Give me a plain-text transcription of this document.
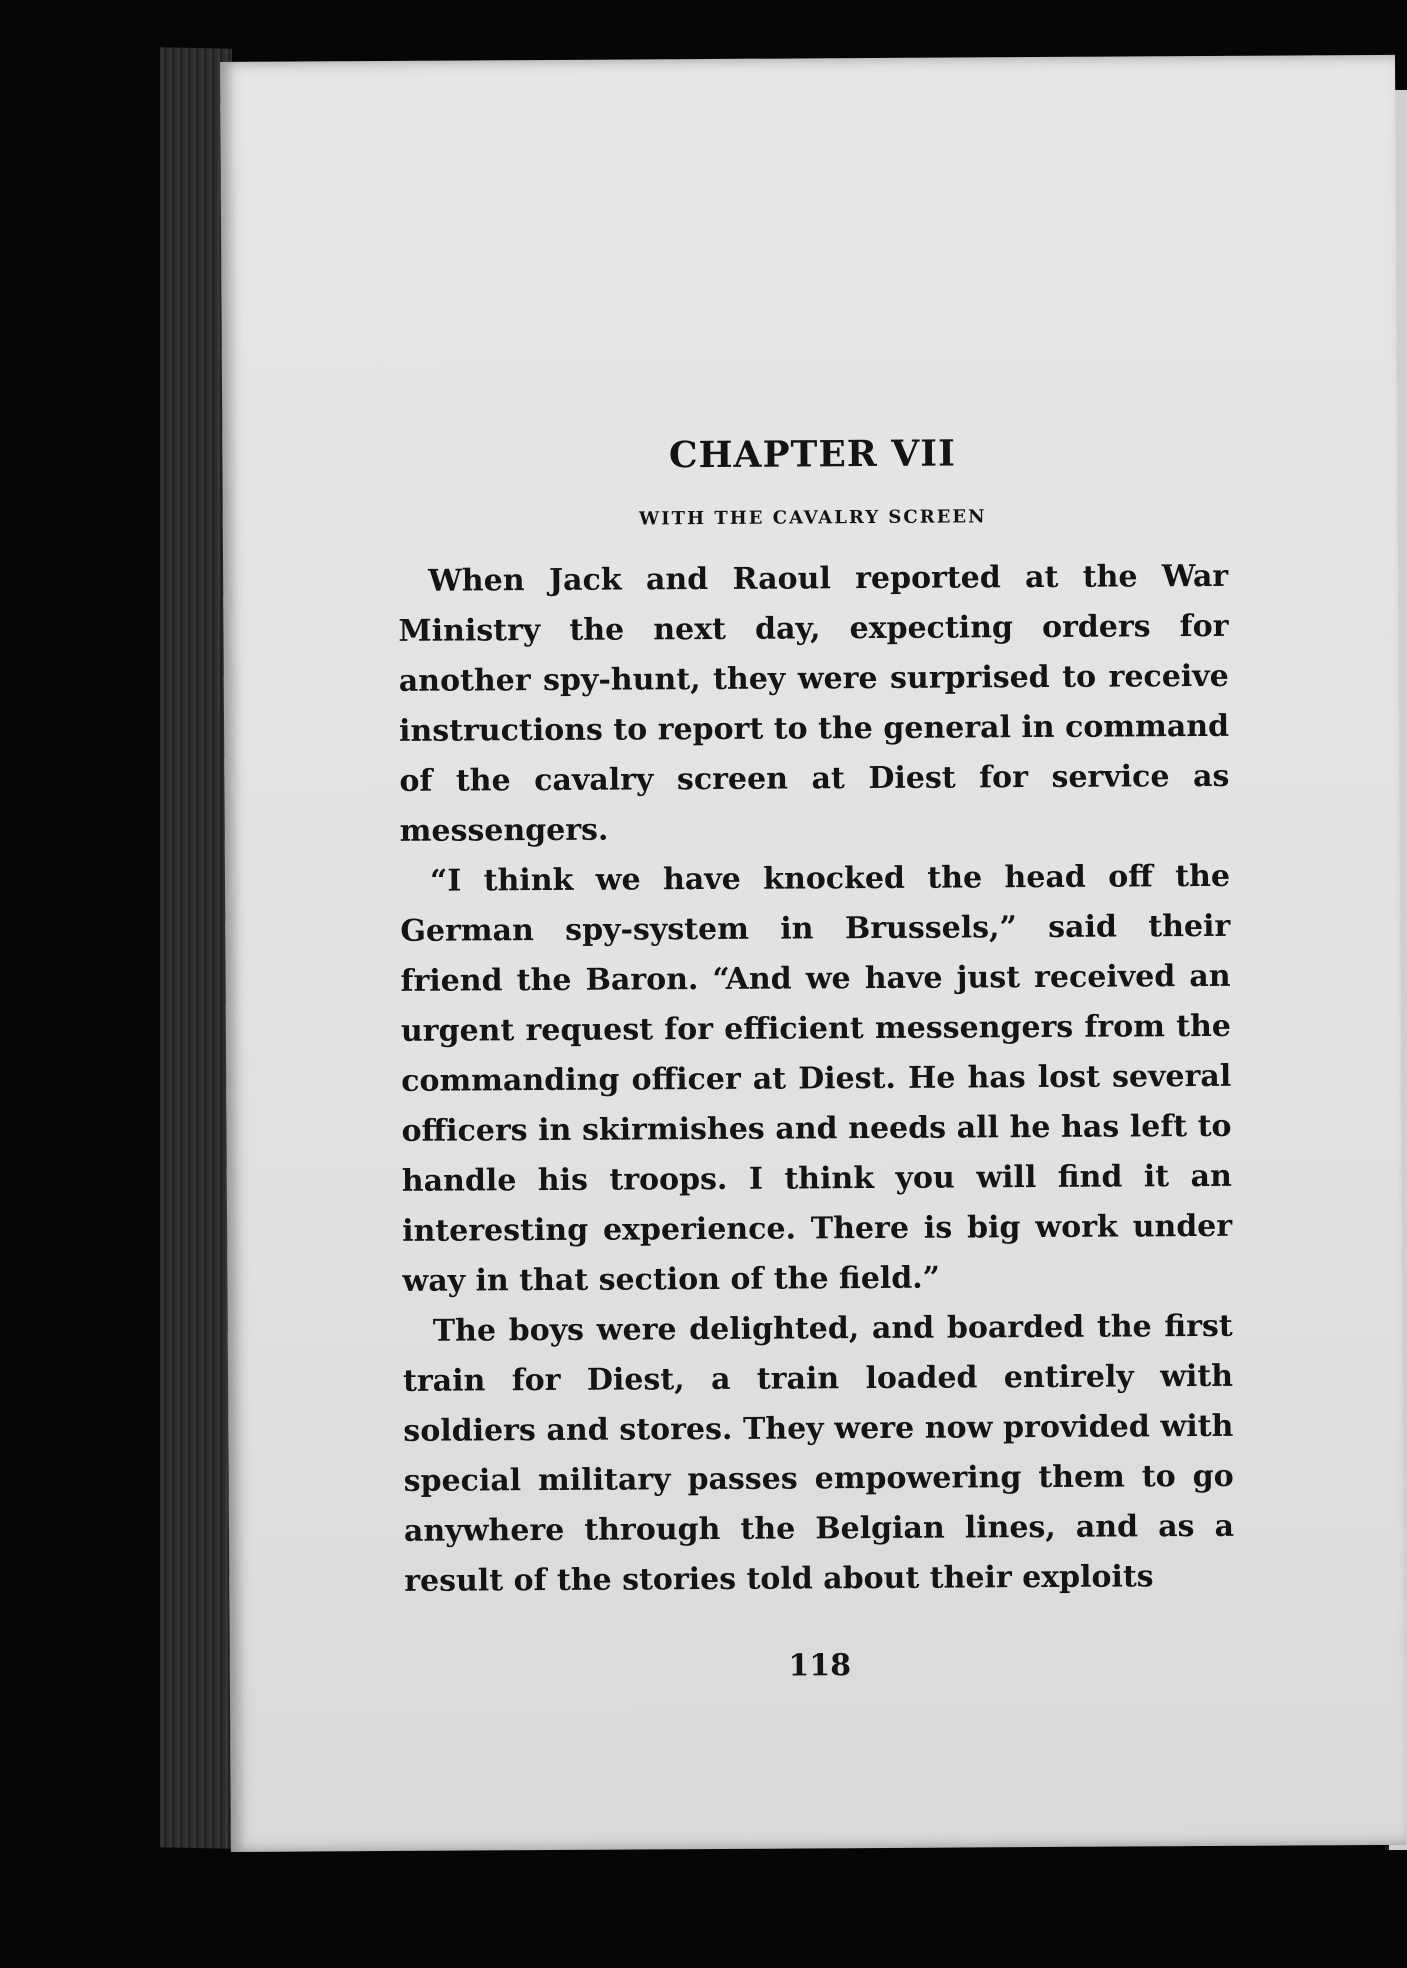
CHAPTER VII
WITH THE CAVALRY SCREEN

When Jack and Raoul reported at the War Ministry the next day, expecting orders for another spy-hunt, they were surprised to receive instructions to report to the general in command of the cavalry screen at Diest for service as messengers.

“I think we have knocked the head off the German spy-system in Brussels,” said their friend the Baron. “And we have just received an urgent request for efficient messengers from the commanding officer at Diest. He has lost several officers in skirmishes and needs all he has left to handle his troops. I think you will find it an interesting experience. There is big work under way in that section of the field.”

The boys were delighted, and boarded the first train for Diest, a train loaded entirely with soldiers and stores. They were now provided with special military passes empowering them to go anywhere through the Belgian lines, and as a result of the stories told about their exploits

118
